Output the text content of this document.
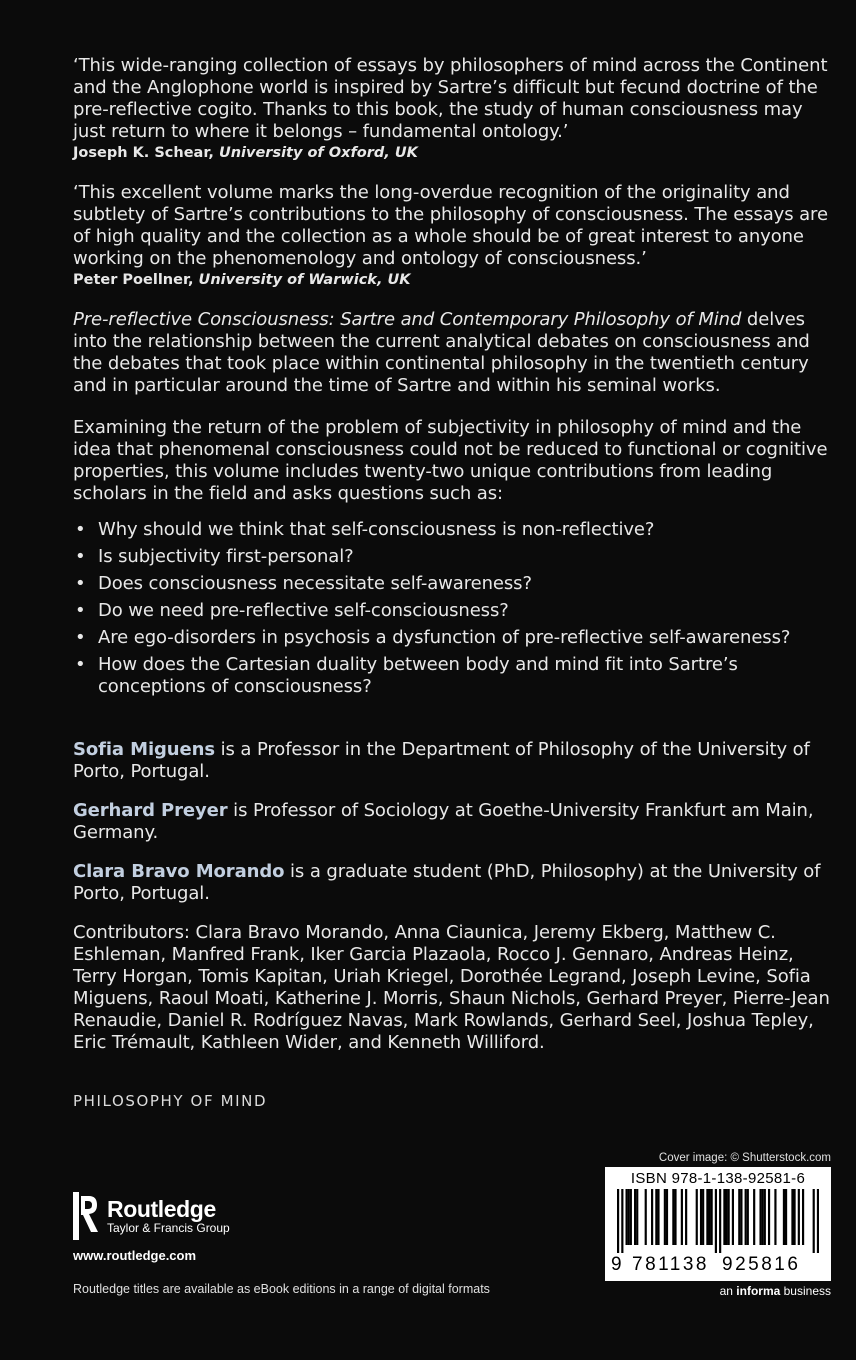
‘This wide-ranging collection of essays by philosophers of mind across the Continent and the Anglophone world is inspired by Sartre’s difficult but fecund doctrine of the pre-reflective cogito. Thanks to this book, the study of human consciousness may just return to where it belongs – fundamental ontology.’

Joseph K. Schear, University of Oxford, UK

‘This excellent volume marks the long-overdue recognition of the originality and subtlety of Sartre’s contributions to the philosophy of consciousness. The essays are of high quality and the collection as a whole should be of great interest to anyone working on the phenomenology and ontology of consciousness.’

Peter Poellner, University of Warwick, UK

Pre-reflective Consciousness: Sartre and Contemporary Philosophy of Mind delves into the relationship between the current analytical debates on consciousness and the debates that took place within continental philosophy in the twentieth century and in particular around the time of Sartre and within his seminal works.

Examining the return of the problem of subjectivity in philosophy of mind and the idea that phenomenal consciousness could not be reduced to functional or cognitive properties, this volume includes twenty-two unique contributions from leading scholars in the field and asks questions such as:

• Why should we think that self-consciousness is non-reflective?
• Is subjectivity first-personal?
• Does consciousness necessitate self-awareness?
• Do we need pre-reflective self-consciousness?
• Are ego-disorders in psychosis a dysfunction of pre-reflective self-awareness?
• How does the Cartesian duality between body and mind fit into Sartre’s conceptions of consciousness?

Sofia Miguens is a Professor in the Department of Philosophy of the University of Porto, Portugal.

Gerhard Preyer is Professor of Sociology at Goethe-University Frankfurt am Main, Germany.

Clara Bravo Morando is a graduate student (PhD, Philosophy) at the University of Porto, Portugal.

Contributors: Clara Bravo Morando, Anna Ciaunica, Jeremy Ekberg, Matthew C. Eshleman, Manfred Frank, Iker Garcia Plazaola, Rocco J. Gennaro, Andreas Heinz, Terry Horgan, Tomis Kapitan, Uriah Kriegel, Dorothée Legrand, Joseph Levine, Sofia Miguens, Raoul Moati, Katherine J. Morris, Shaun Nichols, Gerhard Preyer, Pierre-Jean Renaudie, Daniel R. Rodríguez Navas, Mark Rowlands, Gerhard Seel, Joshua Tepley, Eric Trémault, Kathleen Wider, and Kenneth Williford.

PHILOSOPHY OF MIND

Cover image: © Shutterstock.com
ISBN 978-1-138-92581-6
9 781138 925816
Routledge
Taylor & Francis Group
www.routledge.com
Routledge titles are available as eBook editions in a range of digital formats	an informa business
